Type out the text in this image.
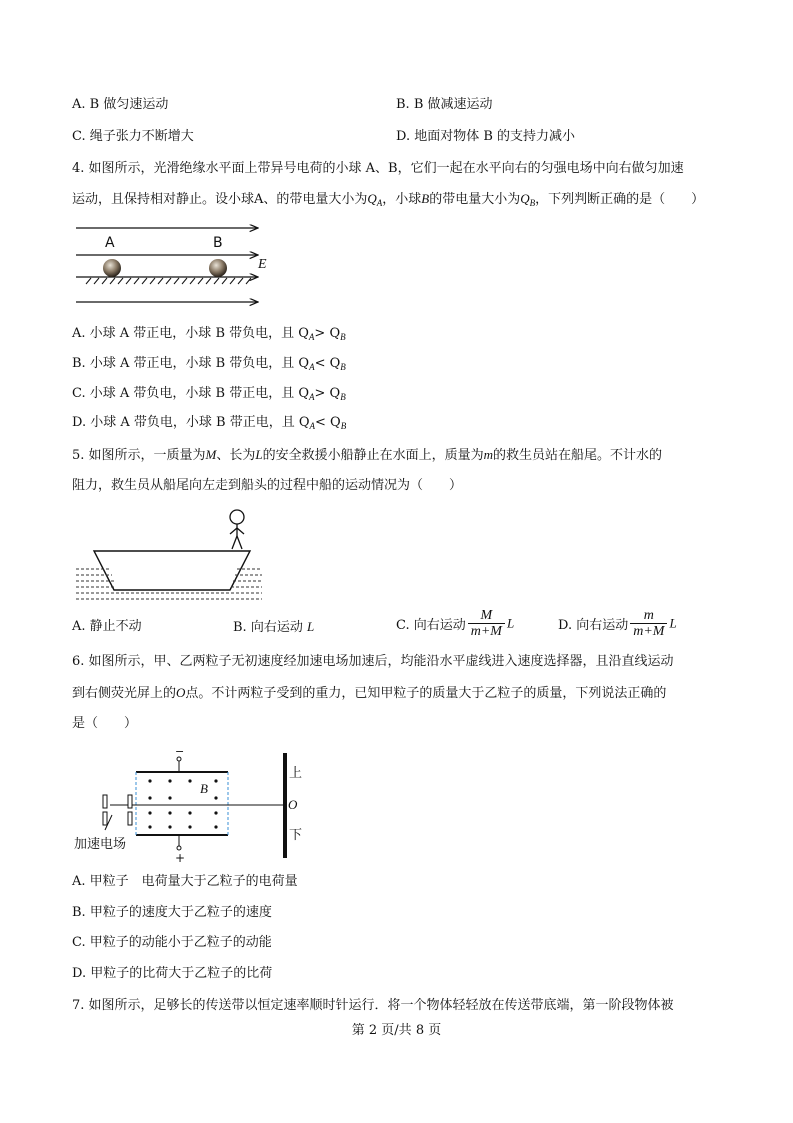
A. B 做匀速运动	B. B 做减速运动
C. 绳子张力不断增大	D. 地面对物体 B 的支持力减小
4. 如图所示，光滑绝缘水平面上带异号电荷的小球 A、B，它们一起在水平向右的匀强电场中向右做匀加速
运动，且保持相对静止。设小球A、的带电量大小为$Q_A$，小球B的带电量大小为$Q_B$，下列判断正确的是（　　）
A	B
E
A. 小球 A 带正电，小球 B 带负电，且 $Q_A> Q_B$
B. 小球 A 带正电，小球 B 带负电，且 $Q_A< Q_B$
C. 小球 A 带负电，小球 B 带正电，且 $Q_A> Q_B$
D. 小球 A 带负电，小球 B 带正电，且 $Q_A< Q_B$
5. 如图所示，一质量为M、长为L的安全救援小船静止在水面上，质量为m的救生员站在船尾。不计水的
阻力，救生员从船尾向左走到船头的过程中船的运动情况为（　　）
A. 静止不动	B. 向右运动 L	C. 向右运动 $\frac{M}{m+M}$ L	D. 向右运动 $\frac{m}{m+M}$ L
6. 如图所示，甲、乙两粒子无初速度经加速电场加速后，均能沿水平虚线进入速度选择器，且沿直线运动
到右侧荧光屏上的O点。不计两粒子受到的重力，已知甲粒子的质量大于乙粒子的质量，下列说法正确的
是（　　）
−
+
B
O
上
下
加速电场
A. 甲粒子　电荷量大于乙粒子的电荷量
B. 甲粒子的速度大于乙粒子的速度
C. 甲粒子的动能小于乙粒子的动能
D. 甲粒子的比荷大于乙粒子的比荷
7. 如图所示，足够长的传送带以恒定速率顺时针运行．将一个物体轻轻放在传送带底端，第一阶段物体被
第 2 页/共 8 页
